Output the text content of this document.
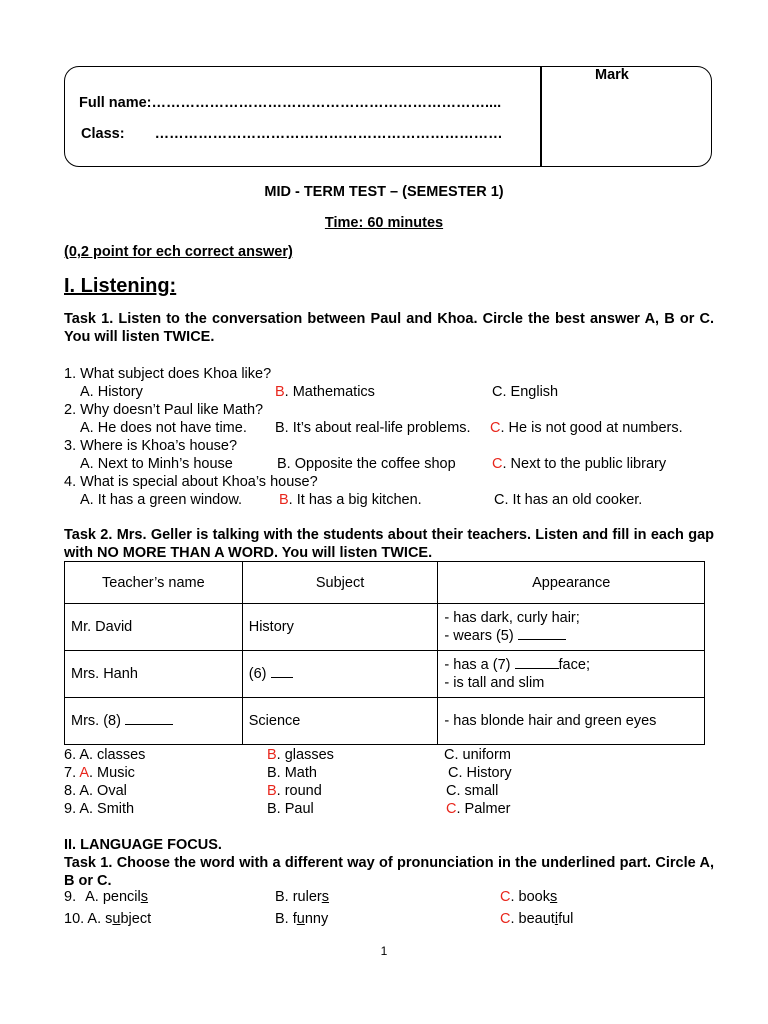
Full name:……………………………………………………………....
Class: ………………………………………………………………
Mark
MID - TERM TEST – (SEMESTER 1)
Time: 60 minutes
(0,2 point for ech correct answer)
I. Listening:
Task 1. Listen to the conversation between Paul and Khoa. Circle the best answer A, B or C. You will listen TWICE.
1. What subject does Khoa like?
A. History	B. Mathematics	C. English
2. Why doesn’t Paul like Math?
A. He does not have time. B. It’s about real-life problems. C. He is not good at numbers.
3. Where is Khoa’s house?
A. Next to Minh’s house	B. Opposite the coffee shop	C. Next to the public library
4. What is special about Khoa’s house?
A. It has a green window.	B. It has a big kitchen.	C. It has an old cooker.
Task 2. Mrs. Geller is talking with the students about their teachers. Listen and fill in each gap with NO MORE THAN A WORD. You will listen TWICE.
Teacher’s name	Subject	Appearance
Mr. David	History	- has dark, curly hair;
- wears (5)

Mrs. Hanh	(6)	- has a (7) face;
- is tall and slim

Mrs. (8)	Science	- has blonde hair and green eyes
6. A. classes	B. glasses	C. uniform
7. A. Music	B. Math	C. History
8. A. Oval	B. round	C. small
9. A. Smith	B. Paul	C. Palmer
II. LANGUAGE FOCUS.
Task 1. Choose the word with a different way of pronunciation in the underlined part. Circle A, B or C.
9. A. pencils	B. rulers	C. books
10. A. subject	B. funny	C. beautiful
1
